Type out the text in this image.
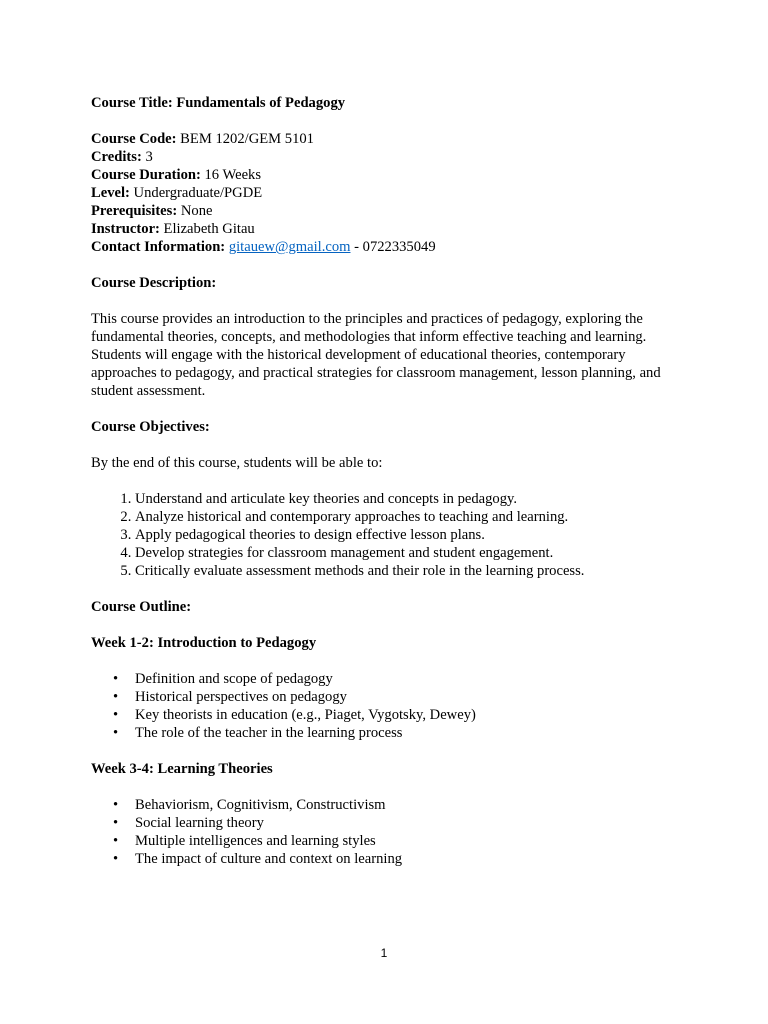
Course Title: Fundamentals of Pedagogy

Course Code: BEM 1202/GEM 5101

Credits: 3

Course Duration: 16 Weeks

Level: Undergraduate/PGDE

Prerequisites: None

Instructor: Elizabeth Gitau

Contact Information: gitauew@gmail.com - 0722335049

Course Description:

This course provides an introduction to the principles and practices of pedagogy, exploring the fundamental theories, concepts, and methodologies that inform effective teaching and learning. Students will engage with the historical development of educational theories, contemporary approaches to pedagogy, and practical strategies for classroom management, lesson planning, and student assessment.

Course Objectives:

By the end of this course, students will be able to:

1. Understand and articulate key theories and concepts in pedagogy.
2. Analyze historical and contemporary approaches to teaching and learning.
3. Apply pedagogical theories to design effective lesson plans.
4. Develop strategies for classroom management and student engagement.
5. Critically evaluate assessment methods and their role in the learning process.

Course Outline:

Week 1-2: Introduction to Pedagogy

• Definition and scope of pedagogy
• Historical perspectives on pedagogy
• Key theorists in education (e.g., Piaget, Vygotsky, Dewey)
• The role of the teacher in the learning process

Week 3-4: Learning Theories

• Behaviorism, Cognitivism, Constructivism
• Social learning theory
• Multiple intelligences and learning styles
• The impact of culture and context on learning
1
